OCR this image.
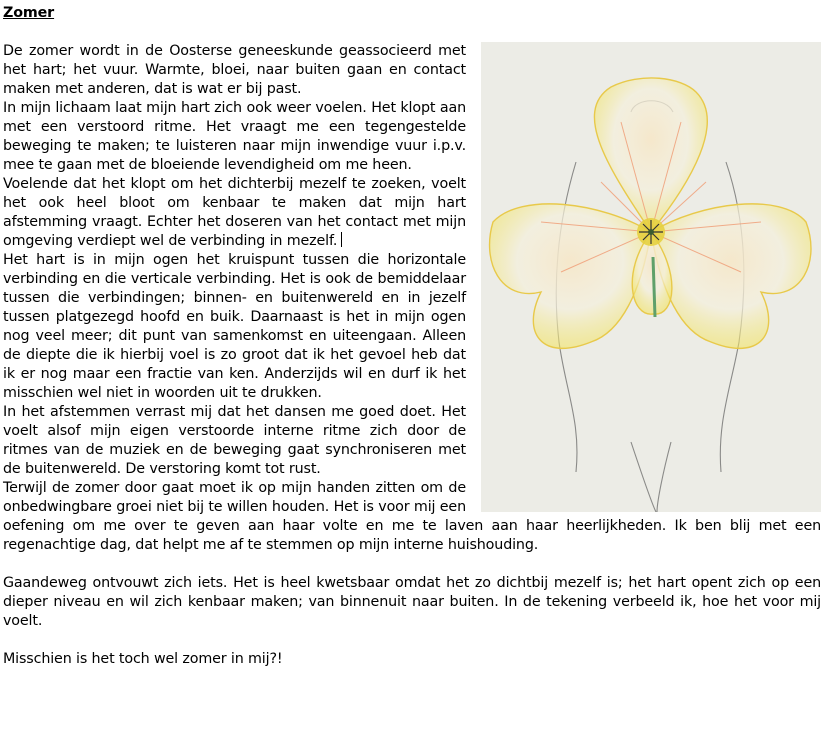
Zomer

De zomer wordt in de Oosterse geneeskunde geassocieerd met het hart; het vuur. Warmte, bloei, naar buiten gaan en contact maken met anderen, dat is wat er bij past.

In mijn lichaam laat mijn hart zich ook weer voelen. Het klopt aan met een verstoord ritme. Het vraagt me een tegengestelde beweging te maken; te luisteren naar mijn inwendige vuur i.p.v. mee te gaan met de bloeiende levendigheid om me heen.

Voelende dat het klopt om het dichterbij mezelf te zoeken, voelt het ook heel bloot om kenbaar te maken dat mijn hart afstemming vraagt. Echter het doseren van het contact met mijn omgeving verdiept wel de verbinding in mezelf.

Het hart is in mijn ogen het kruispunt tussen die horizontale verbinding en die verticale verbinding. Het is ook de bemiddelaar tussen die verbindingen; binnen- en buitenwereld en in jezelf tussen platgezegd hoofd en buik. Daarnaast is het in mijn ogen nog veel meer; dit punt van samenkomst en uiteengaan. Alleen de diepte die ik hierbij voel is zo groot dat ik het gevoel heb dat ik er nog maar een fractie van ken. Anderzijds wil en durf ik het misschien wel niet in woorden uit te drukken.

In het afstemmen verrast mij dat het dansen me goed doet. Het voelt alsof mijn eigen verstoorde interne ritme zich door de ritmes van de muziek en de beweging gaat synchroniseren met de buitenwereld. De verstoring komt tot rust.

Terwijl de zomer door gaat moet ik op mijn handen zitten om de onbedwingbare groei niet bij te willen houden. Het is voor mij een oefening om me over te geven aan haar volte en me te laven aan haar heerlijkheden. Ik ben blij met een regenachtige dag, dat helpt me af te stemmen op mijn interne huishouding.

Gaandeweg ontvouwt zich iets. Het is heel kwetsbaar omdat het zo dichtbij mezelf is; het hart opent zich op een dieper niveau en wil zich kenbaar maken; van binnenuit naar buiten. In de tekening verbeeld ik, hoe het voor mij voelt.

Misschien is het toch wel zomer in mij?!
